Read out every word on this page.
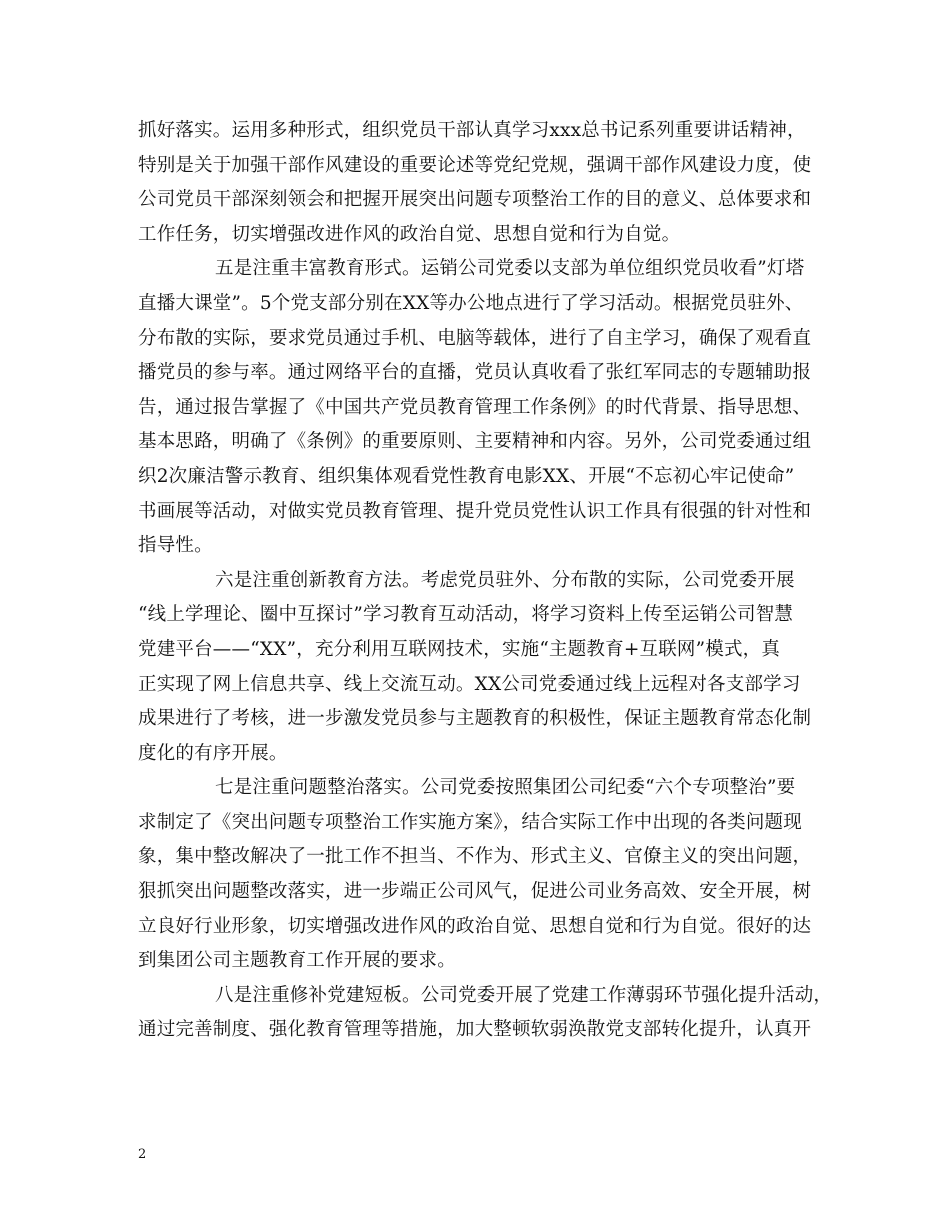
抓好落实。运用多种形式，组织党员干部认真学习xxx总书记系列重要讲话精神，
特别是关于加强干部作风建设的重要论述等党纪党规，强调干部作风建设力度，使
公司党员干部深刻领会和把握开展突出问题专项整治工作的目的意义、总体要求和
工作任务，切实增强改进作风的政治自觉、思想自觉和行为自觉。
五是注重丰富教育形式。运销公司党委以支部为单位组织党员收看”灯塔
直播大课堂”。5个党支部分别在XX等办公地点进行了学习活动。根据党员驻外、
分布散的实际，要求党员通过手机、电脑等载体，进行了自主学习，确保了观看直
播党员的参与率。通过网络平台的直播，党员认真收看了张红军同志的专题辅助报
告，通过报告掌握了《中国共产党员教育管理工作条例》的时代背景、指导思想、
基本思路，明确了《条例》的重要原则、主要精神和内容。另外，公司党委通过组
织2次廉洁警示教育、组织集体观看党性教育电影XX、开展“不忘初心牢记使命”
书画展等活动，对做实党员教育管理、提升党员党性认识工作具有很强的针对性和
指导性。
六是注重创新教育方法。考虑党员驻外、分布散的实际，公司党委开展
“线上学理论、圈中互探讨”学习教育互动活动，将学习资料上传至运销公司智慧
党建平台——“XX”，充分利用互联网技术，实施“主题教育+互联网”模式，真
正实现了网上信息共享、线上交流互动。XX公司党委通过线上远程对各支部学习
成果进行了考核，进一步激发党员参与主题教育的积极性，保证主题教育常态化制
度化的有序开展。
七是注重问题整治落实。公司党委按照集团公司纪委“六个专项整治”要
求制定了《突出问题专项整治工作实施方案》，结合实际工作中出现的各类问题现
象，集中整改解决了一批工作不担当、不作为、形式主义、官僚主义的突出问题，
狠抓突出问题整改落实，进一步端正公司风气，促进公司业务高效、安全开展，树
立良好行业形象，切实增强改进作风的政治自觉、思想自觉和行为自觉。很好的达
到集团公司主题教育工作开展的要求。
八是注重修补党建短板。公司党委开展了党建工作薄弱环节强化提升活动，
通过完善制度、强化教育管理等措施，加大整顿软弱涣散党支部转化提升，认真开
2
